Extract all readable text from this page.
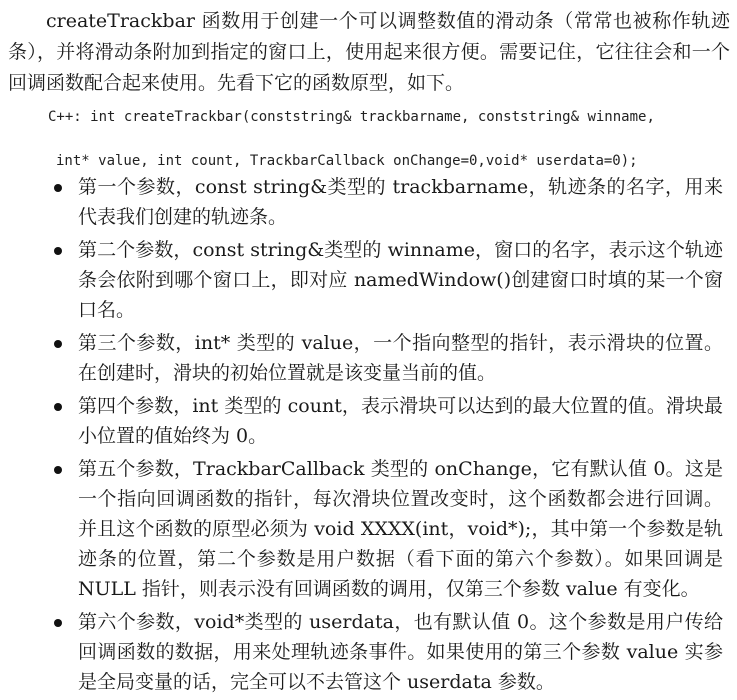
createTrackbar 函数用于创建一个可以调整数值的滑动条（常常也被称作轨迹条），并将滑动条附加到指定的窗口上，使用起来很方便。需要记住，它往往会和一个回调函数配合起来使用。先看下它的函数原型，如下。

C++: int createTrackbar(conststring& trackbarname, conststring& winname,
int* value, int count, TrackbarCallback onChange=0,void* userdata=0);
第一个参数，const string&类型的 trackbarname，轨迹条的名字，用来代表我们创建的轨迹条。
第二个参数，const string&类型的 winname，窗口的名字，表示这个轨迹条会依附到哪个窗口上，即对应 namedWindow()创建窗口时填的某一个窗口名。
第三个参数，int* 类型的 value，一个指向整型的指针，表示滑块的位置。在创建时，滑块的初始位置就是该变量当前的值。
第四个参数，int 类型的 count，表示滑块可以达到的最大位置的值。滑块最小位置的值始终为 0。
第五个参数，TrackbarCallback 类型的 onChange，它有默认值 0。这是一个指向回调函数的指针，每次滑块位置改变时，这个函数都会进行回调。并且这个函数的原型必须为 void XXXX(int，void*);，其中第一个参数是轨迹条的位置，第二个参数是用户数据（看下面的第六个参数）。如果回调是 NULL 指针，则表示没有回调函数的调用，仅第三个参数 value 有变化。
第六个参数，void*类型的 userdata，也有默认值 0。这个参数是用户传给回调函数的数据，用来处理轨迹条事件。如果使用的第三个参数 value 实参是全局变量的话，完全可以不去管这个 userdata 参数。
